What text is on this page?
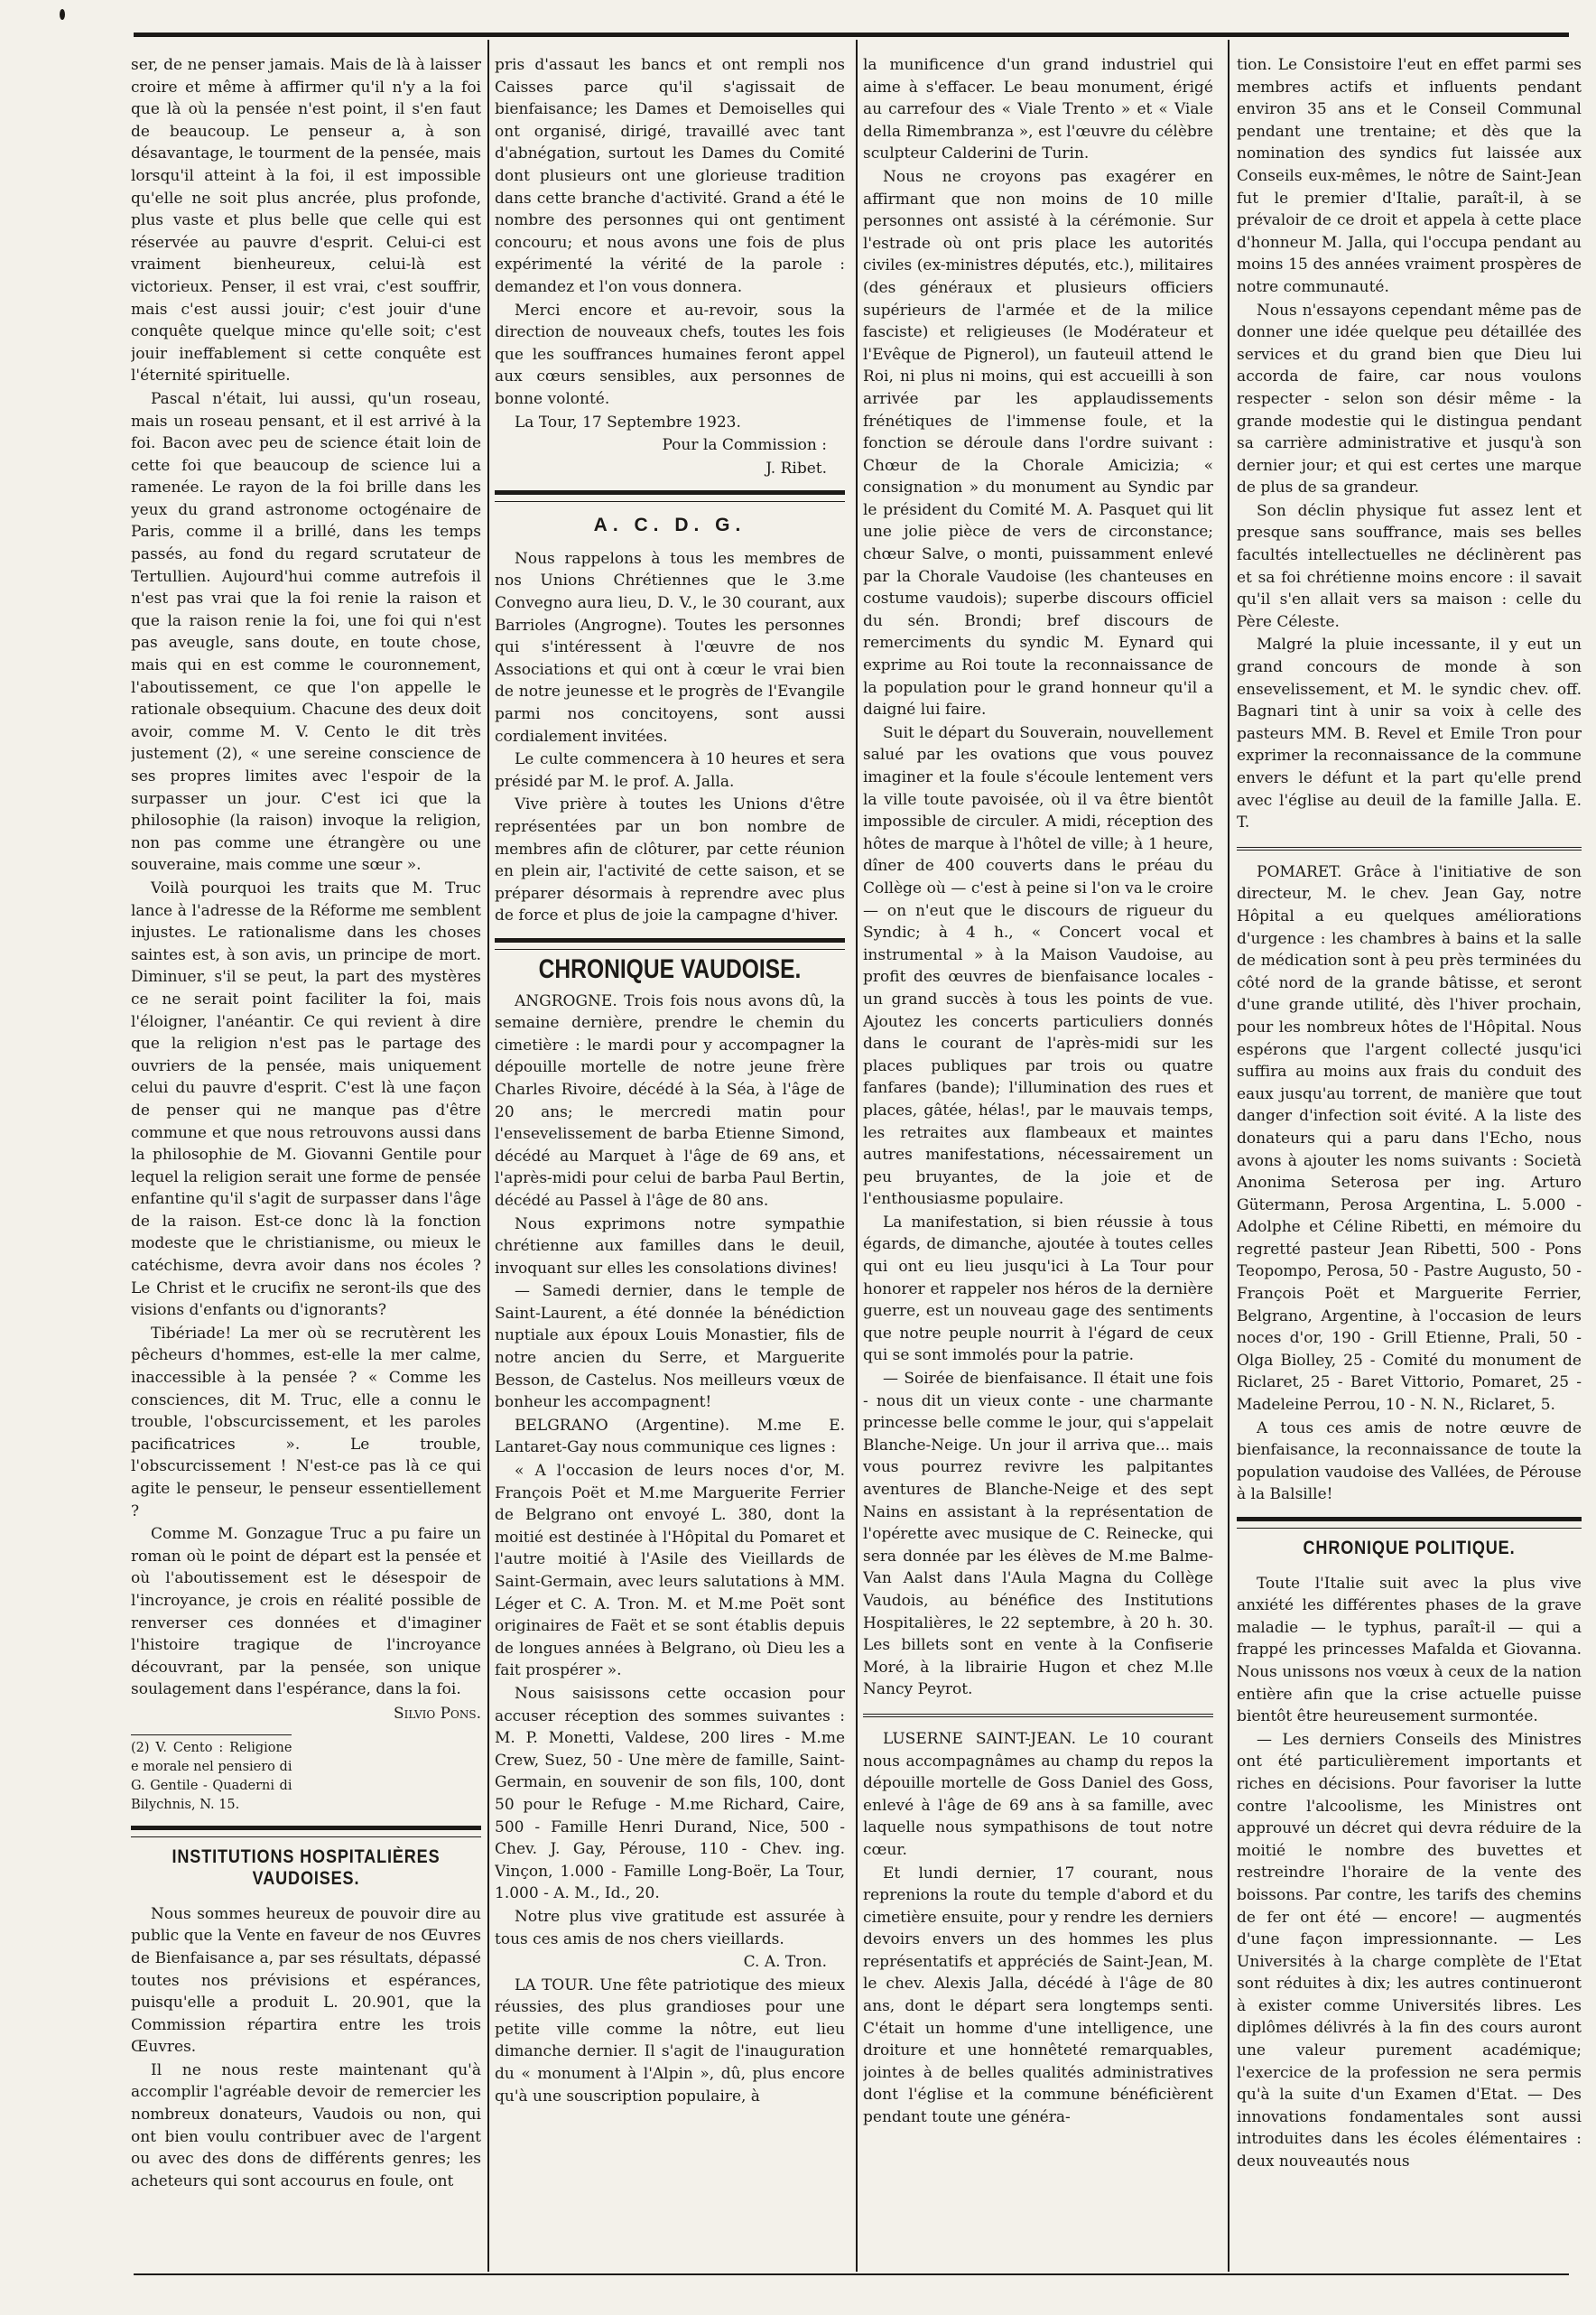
ser, de ne penser jamais. Mais de là à laisser croire et même à affirmer qu'il n'y a la foi que là où la pensée n'est point, il s'en faut de beaucoup. Le penseur a, à son désavantage, le tourment de la pensée, mais lorsqu'il atteint à la foi, il est impossible qu'elle ne soit plus ancrée, plus profonde, plus vaste et plus belle que celle qui est réservée au pauvre d'esprit. Celui-ci est vraiment bienheureux, celui-là est victorieux. Penser, il est vrai, c'est souffrir, mais c'est aussi jouir; c'est jouir d'une conquête quelque mince qu'elle soit; c'est jouir ineffablement si cette conquête est l'éternité spirituelle.

Pascal n'était, lui aussi, qu'un roseau, mais un roseau pensant, et il est arrivé à la foi. Bacon avec peu de science était loin de cette foi que beaucoup de science lui a ramenée. Le rayon de la foi brille dans les yeux du grand astronome octogénaire de Paris, comme il a brillé, dans les temps passés, au fond du regard scrutateur de Tertullien. Aujourd'hui comme autrefois il n'est pas vrai que la foi renie la raison et que la raison renie la foi, une foi qui n'est pas aveugle, sans doute, en toute chose, mais qui en est comme le couronnement, l'aboutissement, ce que l'on appelle le rationale obsequium. Chacune des deux doit avoir, comme M. V. Cento le dit très justement (2), « une sereine conscience de ses propres limites avec l'espoir de la surpasser un jour. C'est ici que la philosophie (la raison) invoque la religion, non pas comme une étrangère ou une souveraine, mais comme une sœur ».

Voilà pourquoi les traits que M. Truc lance à l'adresse de la Réforme me semblent injustes. Le rationalisme dans les choses saintes est, à son avis, un principe de mort. Diminuer, s'il se peut, la part des mystères ce ne serait point faciliter la foi, mais l'éloigner, l'anéantir. Ce qui revient à dire que la religion n'est pas le partage des ouvriers de la pensée, mais uniquement celui du pauvre d'esprit. C'est là une façon de penser qui ne manque pas d'être commune et que nous retrouvons aussi dans la philosophie de M. Giovanni Gentile pour lequel la religion serait une forme de pensée enfantine qu'il s'agit de surpasser dans l'âge de la raison. Est-ce donc là la fonction modeste que le christianisme, ou mieux le catéchisme, devra avoir dans nos écoles ? Le Christ et le crucifix ne seront-ils que des visions d'enfants ou d'ignorants?

Tibériade! La mer où se recrutèrent les pêcheurs d'hommes, est-elle la mer calme, inaccessible à la pensée ? « Comme les consciences, dit M. Truc, elle a connu le trouble, l'obscurcissement, et les paroles pacificatrices ». Le trouble, l'obscurcissement ! N'est-ce pas là ce qui agite le penseur, le penseur essentiellement ?

Comme M. Gonzague Truc a pu faire un roman où le point de départ est la pensée et où l'aboutissement est le désespoir de l'incroyance, je crois en réalité possible de renverser ces données et d'imaginer l'histoire tragique de l'incroyance découvrant, par la pensée, son unique soulagement dans l'espérance, dans la foi.

Silvio Pons.

(2) V. Cento : Religione e morale nel pensiero di G. Gentile - Quaderni di Bilychnis, N. 15.

INSTITUTIONS HOSPITALIÈRES VAUDOISES.

Nous sommes heureux de pouvoir dire au public que la Vente en faveur de nos Œuvres de Bienfaisance a, par ses résultats, dépassé toutes nos prévisions et espérances, puisqu'elle a produit L. 20.901, que la Commission répartira entre les trois Œuvres.

Il ne nous reste maintenant qu'à accomplir l'agréable devoir de remercier les nombreux donateurs, Vaudois ou non, qui ont bien voulu contribuer avec de l'argent ou avec des dons de différents genres; les acheteurs qui sont accourus en foule, ont

pris d'assaut les bancs et ont rempli nos Caisses parce qu'il s'agissait de bienfaisance; les Dames et Demoiselles qui ont organisé, dirigé, travaillé avec tant d'abnégation, surtout les Dames du Comité dont plusieurs ont une glorieuse tradition dans cette branche d'activité. Grand a été le nombre des personnes qui ont gentiment concouru; et nous avons une fois de plus expérimenté la vérité de la parole : demandez et l'on vous donnera.

Merci encore et au-revoir, sous la direction de nouveaux chefs, toutes les fois que les souffrances humaines feront appel aux cœurs sensibles, aux personnes de bonne volonté.

La Tour, 17 Septembre 1923.

Pour la Commission :

J. Ribet.

A. C. D. G.

Nous rappelons à tous les membres de nos Unions Chrétiennes que le 3.me Convegno aura lieu, D. V., le 30 courant, aux Barrioles (Angrogne). Toutes les personnes qui s'intéressent à l'œuvre de nos Associations et qui ont à cœur le vrai bien de notre jeunesse et le progrès de l'Evangile parmi nos concitoyens, sont aussi cordialement invitées.

Le culte commencera à 10 heures et sera présidé par M. le prof. A. Jalla.

Vive prière à toutes les Unions d'être représentées par un bon nombre de membres afin de clôturer, par cette réunion en plein air, l'activité de cette saison, et se préparer désormais à reprendre avec plus de force et plus de joie la campagne d'hiver.

CHRONIQUE VAUDOISE.

ANGROGNE. Trois fois nous avons dû, la semaine dernière, prendre le chemin du cimetière : le mardi pour y accompagner la dépouille mortelle de notre jeune frère Charles Rivoire, décédé à la Séa, à l'âge de 20 ans; le mercredi matin pour l'ensevelissement de barba Etienne Simond, décédé au Marquet à l'âge de 69 ans, et l'après-midi pour celui de barba Paul Bertin, décédé au Passel à l'âge de 80 ans.

Nous exprimons notre sympathie chrétienne aux familles dans le deuil, invoquant sur elles les consolations divines!

— Samedi dernier, dans le temple de Saint-Laurent, a été donnée la bénédiction nuptiale aux époux Louis Monastier, fils de notre ancien du Serre, et Marguerite Besson, de Castelus. Nos meilleurs vœux de bonheur les accompagnent!

BELGRANO (Argentine). M.me E. Lantaret-Gay nous communique ces lignes :

« A l'occasion de leurs noces d'or, M. François Poët et M.me Marguerite Ferrier de Belgrano ont envoyé L. 380, dont la moitié est destinée à l'Hôpital du Pomaret et l'autre moitié à l'Asile des Vieillards de Saint-Germain, avec leurs salutations à MM. Léger et C. A. Tron. M. et M.me Poët sont originaires de Faët et se sont établis depuis de longues années à Belgrano, où Dieu les a fait prospérer ».

Nous saisissons cette occasion pour accuser réception des sommes suivantes : M. P. Monetti, Valdese, 200 lires - M.me Crew, Suez, 50 - Une mère de famille, Saint-Germain, en souvenir de son fils, 100, dont 50 pour le Refuge - M.me Richard, Caire, 500 - Famille Henri Durand, Nice, 500 - Chev. J. Gay, Pérouse, 110 - Chev. ing. Vinçon, 1.000 - Famille Long-Boër, La Tour, 1.000 - A. M., Id., 20.

Notre plus vive gratitude est assurée à tous ces amis de nos chers vieillards.

C. A. Tron.

LA TOUR. Une fête patriotique des mieux réussies, des plus grandioses pour une petite ville comme la nôtre, eut lieu dimanche dernier. Il s'agit de l'inauguration du « monument à l'Alpin », dû, plus encore qu'à une souscription populaire, à

la munificence d'un grand industriel qui aime à s'effacer. Le beau monument, érigé au carrefour des « Viale Trento » et « Viale della Rimembranza », est l'œuvre du célèbre sculpteur Calderini de Turin.

Nous ne croyons pas exagérer en affirmant que non moins de 10 mille personnes ont assisté à la cérémonie. Sur l'estrade où ont pris place les autorités civiles (ex-ministres députés, etc.), militaires (des généraux et plusieurs officiers supérieurs de l'armée et de la milice fasciste) et religieuses (le Modérateur et l'Evêque de Pignerol), un fauteuil attend le Roi, ni plus ni moins, qui est accueilli à son arrivée par les applaudissements frénétiques de l'immense foule, et la fonction se déroule dans l'ordre suivant : Chœur de la Chorale Amicizia; « consignation » du monument au Syndic par le président du Comité M. A. Pasquet qui lit une jolie pièce de vers de circonstance; chœur Salve, o monti, puissamment enlevé par la Chorale Vaudoise (les chanteuses en costume vaudois); superbe discours officiel du sén. Brondi; bref discours de remerciments du syndic M. Eynard qui exprime au Roi toute la reconnaissance de la population pour le grand honneur qu'il a daigné lui faire.

Suit le départ du Souverain, nouvellement salué par les ovations que vous pouvez imaginer et la foule s'écoule lentement vers la ville toute pavoisée, où il va être bientôt impossible de circuler. A midi, réception des hôtes de marque à l'hôtel de ville; à 1 heure, dîner de 400 couverts dans le préau du Collège où — c'est à peine si l'on va le croire — on n'eut que le discours de rigueur du Syndic; à 4 h., « Concert vocal et instrumental » à la Maison Vaudoise, au profit des œuvres de bienfaisance locales - un grand succès à tous les points de vue. Ajoutez les concerts particuliers donnés dans le courant de l'après-midi sur les places publiques par trois ou quatre fanfares (bande); l'illumination des rues et places, gâtée, hélas!, par le mauvais temps, les retraites aux flambeaux et maintes autres manifestations, nécessairement un peu bruyantes, de la joie et de l'enthousiasme populaire.

La manifestation, si bien réussie à tous égards, de dimanche, ajoutée à toutes celles qui ont eu lieu jusqu'ici à La Tour pour honorer et rappeler nos héros de la dernière guerre, est un nouveau gage des sentiments que notre peuple nourrit à l'égard de ceux qui se sont immolés pour la patrie.

— Soirée de bienfaisance. Il était une fois - nous dit un vieux conte - une charmante princesse belle comme le jour, qui s'appelait Blanche-Neige. Un jour il arriva que... mais vous pourrez revivre les palpitantes aventures de Blanche-Neige et des sept Nains en assistant à la représentation de l'opérette avec musique de C. Reinecke, qui sera donnée par les élèves de M.me Balme-Van Aalst dans l'Aula Magna du Collège Vaudois, au bénéfice des Institutions Hospitalières, le 22 septembre, à 20 h. 30. Les billets sont en vente à la Confiserie Moré, à la librairie Hugon et chez M.lle Nancy Peyrot.

LUSERNE SAINT-JEAN. Le 10 courant nous accompagnâmes au champ du repos la dépouille mortelle de Goss Daniel des Goss, enlevé à l'âge de 69 ans à sa famille, avec laquelle nous sympathisons de tout notre cœur.

Et lundi dernier, 17 courant, nous reprenions la route du temple d'abord et du cimetière ensuite, pour y rendre les derniers devoirs envers un des hommes les plus représentatifs et appréciés de Saint-Jean, M. le chev. Alexis Jalla, décédé à l'âge de 80 ans, dont le départ sera longtemps senti. C'était un homme d'une intelligence, une droiture et une honnêteté remarquables, jointes à de belles qualités administratives dont l'église et la commune bénéficièrent pendant toute une généra-

tion. Le Consistoire l'eut en effet parmi ses membres actifs et influents pendant environ 35 ans et le Conseil Communal pendant une trentaine; et dès que la nomination des syndics fut laissée aux Conseils eux-mêmes, le nôtre de Saint-Jean fut le premier d'Italie, paraît-il, à se prévaloir de ce droit et appela à cette place d'honneur M. Jalla, qui l'occupa pendant au moins 15 des années vraiment prospères de notre communauté.

Nous n'essayons cependant même pas de donner une idée quelque peu détaillée des services et du grand bien que Dieu lui accorda de faire, car nous voulons respecter - selon son désir même - la grande modestie qui le distingua pendant sa carrière administrative et jusqu'à son dernier jour; et qui est certes une marque de plus de sa grandeur.

Son déclin physique fut assez lent et presque sans souffrance, mais ses belles facultés intellectuelles ne déclinèrent pas et sa foi chrétienne moins encore : il savait qu'il s'en allait vers sa maison : celle du Père Céleste.

Malgré la pluie incessante, il y eut un grand concours de monde à son ensevelissement, et M. le syndic chev. off. Bagnari tint à unir sa voix à celle des pasteurs MM. B. Revel et Emile Tron pour exprimer la reconnaissance de la commune envers le défunt et la part qu'elle prend avec l'église au deuil de la famille Jalla. E. T.

POMARET. Grâce à l'initiative de son directeur, M. le chev. Jean Gay, notre Hôpital a eu quelques améliorations d'urgence : les chambres à bains et la salle de médication sont à peu près terminées du côté nord de la grande bâtisse, et seront d'une grande utilité, dès l'hiver prochain, pour les nombreux hôtes de l'Hôpital. Nous espérons que l'argent collecté jusqu'ici suffira au moins aux frais du conduit des eaux jusqu'au torrent, de manière que tout danger d'infection soit évité. A la liste des donateurs qui a paru dans l'Echo, nous avons à ajouter les noms suivants : Società Anonima Seterosa per ing. Arturo Gütermann, Perosa Argentina, L. 5.000 - Adolphe et Céline Ribetti, en mémoire du regretté pasteur Jean Ribetti, 500 - Pons Teopompo, Perosa, 50 - Pastre Augusto, 50 - François Poët et Marguerite Ferrier, Belgrano, Argentine, à l'occasion de leurs noces d'or, 190 - Grill Etienne, Prali, 50 - Olga Biolley, 25 - Comité du monument de Riclaret, 25 - Baret Vittorio, Pomaret, 25 - Madeleine Perrou, 10 - N. N., Riclaret, 5.

A tous ces amis de notre œuvre de bienfaisance, la reconnaissance de toute la population vaudoise des Vallées, de Pérouse à la Balsille!

CHRONIQUE POLITIQUE.

Toute l'Italie suit avec la plus vive anxiété les différentes phases de la grave maladie — le typhus, paraît-il — qui a frappé les princesses Mafalda et Giovanna. Nous unissons nos vœux à ceux de la nation entière afin que la crise actuelle puisse bientôt être heureusement surmontée.

— Les derniers Conseils des Ministres ont été particulièrement importants et riches en décisions. Pour favoriser la lutte contre l'alcoolisme, les Ministres ont approuvé un décret qui devra réduire de la moitié le nombre des buvettes et restreindre l'horaire de la vente des boissons. Par contre, les tarifs des chemins de fer ont été — encore! — augmentés d'une façon impressionnante. — Les Universités à la charge complète de l'Etat sont réduites à dix; les autres continueront à exister comme Universités libres. Les diplômes délivrés à la fin des cours auront une valeur purement académique; l'exercice de la profession ne sera permis qu'à la suite d'un Examen d'Etat. — Des innovations fondamentales sont aussi introduites dans les écoles élémentaires : deux nouveautés nous
